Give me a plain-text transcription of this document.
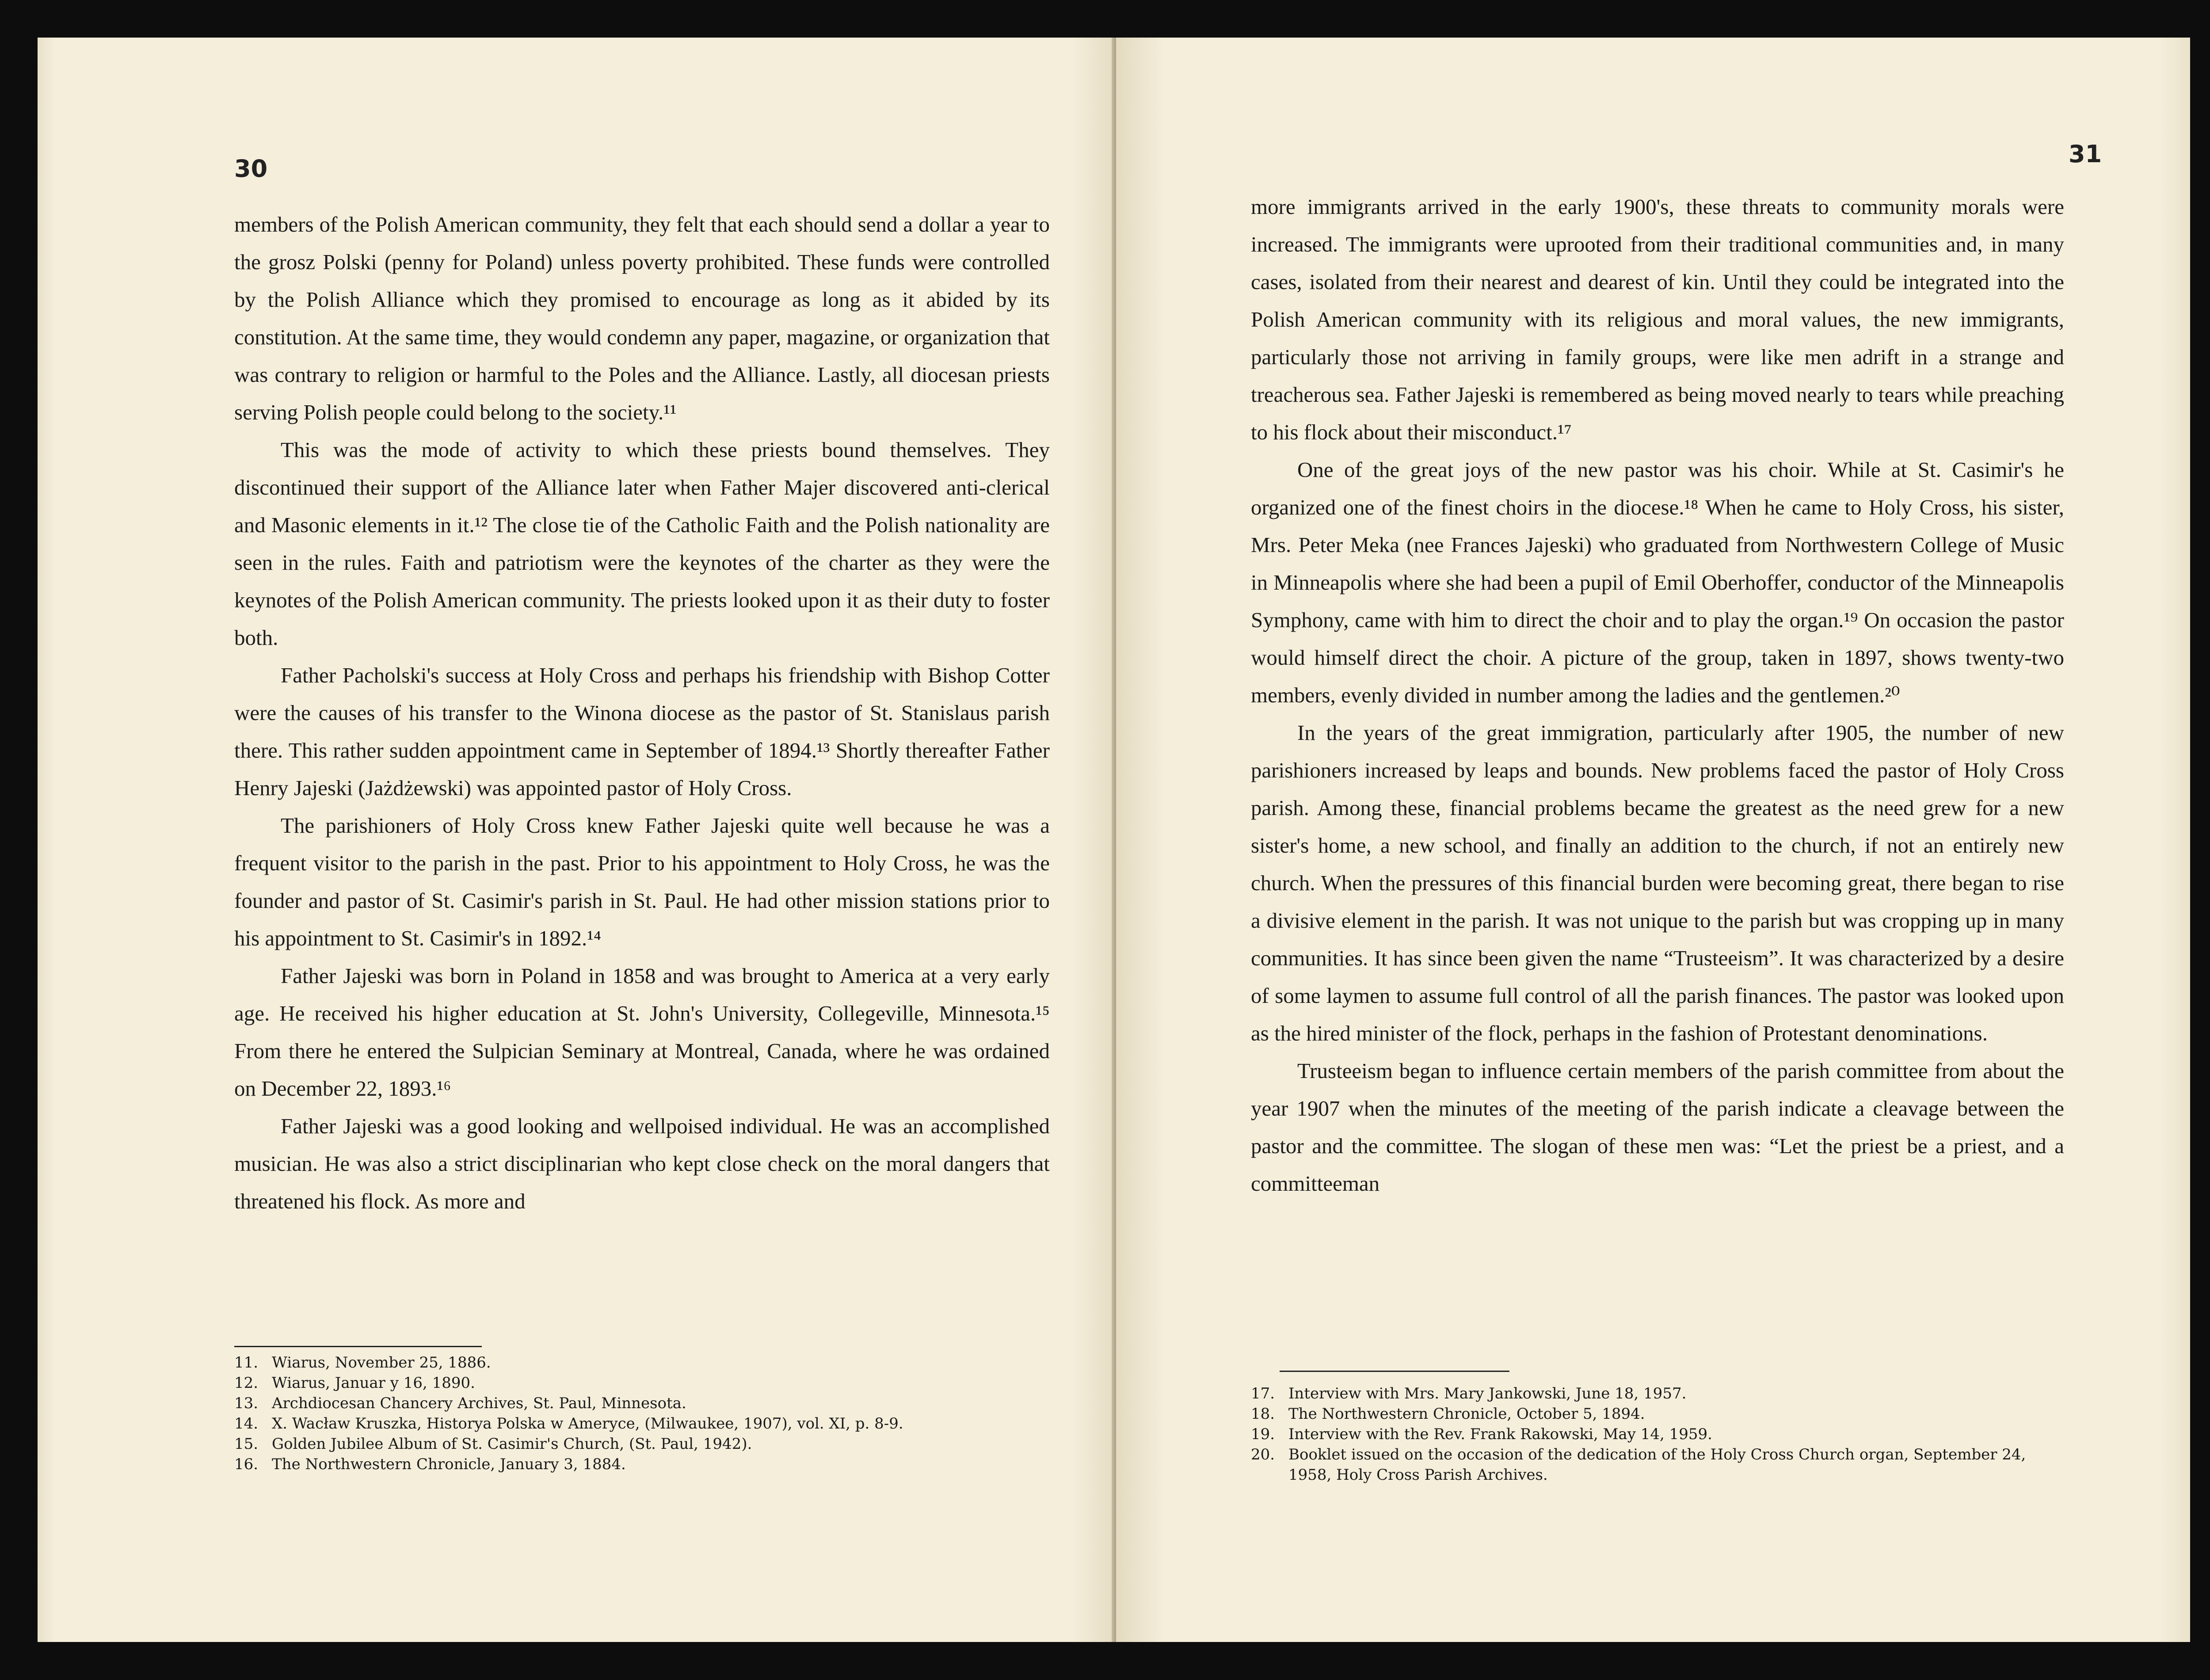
30

members of the Polish American community, they felt that each should send a dollar a year to the grosz Polski (penny for Poland) unless poverty prohibited. These funds were controlled by the Polish Alliance which they promised to encourage as long as it abided by its constitution. At the same time, they would condemn any paper, magazine, or organization that was contrary to religion or harmful to the Poles and the Alliance. Lastly, all diocesan priests serving Polish people could belong to the society.¹¹

This was the mode of activity to which these priests bound themselves. They discontinued their support of the Alliance later when Father Majer discovered anti-clerical and Masonic elements in it.¹² The close tie of the Catholic Faith and the Polish nationality are seen in the rules. Faith and patriotism were the keynotes of the charter as they were the keynotes of the Polish American community. The priests looked upon it as their duty to foster both.

Father Pacholski's success at Holy Cross and perhaps his friendship with Bishop Cotter were the causes of his transfer to the Winona diocese as the pastor of St. Stanislaus parish there. This rather sudden appointment came in September of 1894.¹³ Shortly thereafter Father Henry Jajeski (Jażdżewski) was appointed pastor of Holy Cross.

The parishioners of Holy Cross knew Father Jajeski quite well because he was a frequent visitor to the parish in the past. Prior to his appointment to Holy Cross, he was the founder and pastor of St. Casimir's parish in St. Paul. He had other mission stations prior to his appointment to St. Casimir's in 1892.¹⁴

Father Jajeski was born in Poland in 1858 and was brought to America at a very early age. He received his higher education at St. John's University, Collegeville, Minnesota.¹⁵ From there he entered the Sulpician Seminary at Montreal, Canada, where he was ordained on December 22, 1893.¹⁶

Father Jajeski was a good looking and wellpoised individual. He was an accomplished musician. He was also a strict disciplinarian who kept close check on the moral dangers that threatened his flock. As more and

11. Wiarus, November 25, 1886.
12. Wiarus, Januar y 16, 1890.
13. Archdiocesan Chancery Archives, St. Paul, Minnesota.
14. X. Wacław Kruszka, Historya Polska w Ameryce, (Milwaukee, 1907), vol. XI, p. 8-9.
15. Golden Jubilee Album of St. Casimir's Church, (St. Paul, 1942).
16. The Northwestern Chronicle, January 3, 1884.
31

more immigrants arrived in the early 1900's, these threats to community morals were increased. The immigrants were uprooted from their traditional communities and, in many cases, isolated from their nearest and dearest of kin. Until they could be integrated into the Polish American community with its religious and moral values, the new immigrants, particularly those not arriving in family groups, were like men adrift in a strange and treacherous sea. Father Jajeski is remembered as being moved nearly to tears while preaching to his flock about their misconduct.¹⁷

One of the great joys of the new pastor was his choir. While at St. Casimir's he organized one of the finest choirs in the diocese.¹⁸ When he came to Holy Cross, his sister, Mrs. Peter Meka (nee Frances Jajeski) who graduated from Northwestern College of Music in Minneapolis where she had been a pupil of Emil Oberhoffer, conductor of the Minneapolis Symphony, came with him to direct the choir and to play the organ.¹⁹ On occasion the pastor would himself direct the choir. A picture of the group, taken in 1897, shows twenty-two members, evenly divided in number among the ladies and the gentlemen.²⁰

In the years of the great immigration, particularly after 1905, the number of new parishioners increased by leaps and bounds. New problems faced the pastor of Holy Cross parish. Among these, financial problems became the greatest as the need grew for a new sister's home, a new school, and finally an addition to the church, if not an entirely new church. When the pressures of this financial burden were becoming great, there began to rise a divisive element in the parish. It was not unique to the parish but was cropping up in many communities. It has since been given the name “Trusteeism”. It was characterized by a desire of some laymen to assume full control of all the parish finances. The pastor was looked upon as the hired minister of the flock, perhaps in the fashion of Protestant denominations.

Trusteeism began to influence certain members of the parish committee from about the year 1907 when the minutes of the meeting of the parish indicate a cleavage between the pastor and the committee. The slogan of these men was: “Let the priest be a priest, and a committeeman

17. Interview with Mrs. Mary Jankowski, June 18, 1957.
18. The Northwestern Chronicle, October 5, 1894.
19. Interview with the Rev. Frank Rakowski, May 14, 1959.
20. Booklet issued on the occasion of the dedication of the Holy Cross Church organ, September 24, 1958, Holy Cross Parish Archives.
